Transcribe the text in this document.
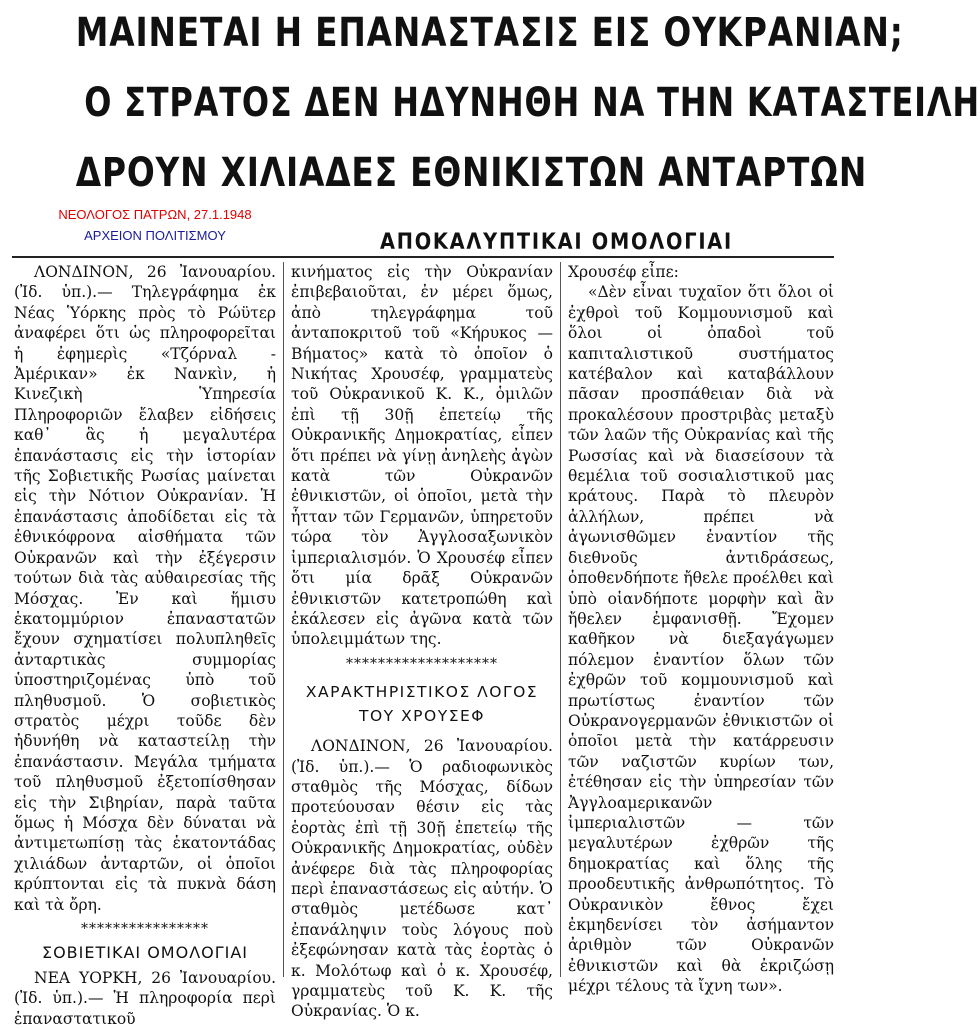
ΜΑΙΝΕΤΑΙ Η ΕΠΑΝΑΣΤΑΣΙΣ ΕΙΣ ΟΥΚΡΑΝΙΑΝ;
Ο ΣΤΡΑΤΟΣ ΔΕΝ ΗΔΥΝΗΘΗ ΝΑ ΤΗΝ ΚΑΤΑΣΤΕΙΛΗ
ΔΡΟΥΝ ΧΙΛΙΑΔΕΣ ΕΘΝΙΚΙΣΤΩΝ ΑΝΤΑΡΤΩΝ
ΝΕΟΛΟΓΟΣ ΠΑΤΡΩΝ, 27.1.1948
ΑΡΧΕΙΟΝ ΠΟΛΙΤΙΣΜΟΥ	ΑΠΟΚΑΛΥΠΤΙΚΑΙ ΟΜΟΛΟΓΙΑΙ

ΛΟΝΔΙΝΟΝ, 26 Ἰανουαρίου. (Ἰδ. ὑπ.).— Τηλεγράφημα ἐκ Νέας Ὑόρκης πρὸς τὸ Ρώϋτερ ἀναφέρει ὅτι ὡς πληροφορεῖται ἡ ἐφημερὶς «Τζόρναλ - Ἀμέρικαν» ἐκ Νανκὶν, ἡ Κινεζικὴ Ὑπηρεσία Πληροφοριῶν ἔλαβεν εἰδήσεις καθ᾿ ἃς ἡ μεγαλυτέρα ἐπανάστασις εἰς τὴν ἱστορίαν τῆς Σοβιετικῆς Ρωσίας μαίνεται εἰς τὴν Νότιον Οὐκρανίαν. Ἡ ἐπανάστασις ἀποδίδεται εἰς τὰ ἐθνικόφρονα αἰσθήματα τῶν Οὐκρανῶν καὶ τὴν ἐξέγερσιν τούτων διὰ τὰς αὐθαιρεσίας τῆς Μόσχας. Ἐν καὶ ἥμισυ ἑκατομμύριον ἐπαναστατῶν ἔχουν σχηματίσει πολυπληθεῖς ἀνταρτικὰς συμμορίας ὑποστηριζομένας ὑπὸ τοῦ πληθυσμοῦ. Ὁ σοβιετικὸς στρατὸς μέχρι τοῦδε δὲν ἠδυνήθη νὰ καταστείλῃ τὴν ἐπανάστασιν. Μεγάλα τμήματα τοῦ πληθυσμοῦ ἐξετοπίσθησαν εἰς τὴν Σιβηρίαν, παρὰ ταῦτα ὅμως ἡ Μόσχα δὲν δύναται νὰ ἀντιμετωπίσῃ τὰς ἑκατοντάδας χιλιάδων ἀνταρτῶν, οἱ ὁποῖοι κρύπτονται εἰς τὰ πυκνὰ δάση καὶ τὰ ὄρη.

****************
ΣΟΒΙΕΤΙΚΑΙ ΟΜΟΛΟΓΙΑΙ

ΝΕΑ ΥΟΡΚΗ, 26 Ἰανουαρίου. (Ἰδ. ὑπ.).— Ἡ πληροφορία περὶ ἐπαναστατικοῦ

κινήματος εἰς τὴν Οὐκρανίαν ἐπιβεβαιοῦται, ἐν μέρει ὅμως, ἀπὸ τηλεγράφημα τοῦ ἀνταποκριτοῦ τοῦ «Κήρυκος —Βήματος» κατὰ τὸ ὁποῖον ὁ Νικήτας Χρουσέφ, γραμματεὺς τοῦ Οὐκρανικοῦ Κ. Κ., ὁμιλῶν ἐπὶ τῇ 30ῇ ἐπετείῳ τῆς Οὐκρανικῆς Δημοκρατίας, εἶπεν ὅτι πρέπει νὰ γίνῃ ἀνηλεὴς ἀγὼν κατὰ τῶν Οὐκρανῶν ἐθνικιστῶν, οἱ ὁποῖοι, μετὰ τὴν ἧτταν τῶν Γερμανῶν, ὑπηρετοῦν τώρα τὸν Ἀγγλοσαξωνικὸν ἰμπεριαλισμόν. Ὁ Χρουσέφ εἶπεν ὅτι μία δρᾶξ Οὐκρανῶν ἐθνικιστῶν κατετροπώθη καὶ ἐκάλεσεν εἰς ἀγῶνα κατὰ τῶν ὑπολειμμάτων της.

*******************
ΧΑΡΑΚΤΗΡΙΣΤΙΚΟΣ ΛΟΓΟΣ ΤΟΥ ΧΡΟΥΣΕΦ

ΛΟΝΔΙΝΟΝ, 26 Ἰανουαρίου. (Ἰδ. ὑπ.).— Ὁ ραδιοφωνικὸς σταθμὸς τῆς Μόσχας, δίδων προτεύουσαν θέσιν εἰς τὰς ἑορτὰς ἐπὶ τῇ 30ῇ ἐπετείῳ τῆς Οὐκρανικῆς Δημοκρατίας, οὐδὲν ἀνέφερε διὰ τὰς πληροφορίας περὶ ἐπαναστάσεως εἰς αὐτήν. Ὁ σταθμὸς μετέδωσε κατ᾿ ἐπανάληψιν τοὺς λόγους ποὺ ἐξεφώνησαν κατὰ τὰς ἑορτὰς ὁ κ. Μολότωφ καὶ ὁ κ. Χρουσέφ, γραμματεὺς τοῦ Κ. Κ. τῆς Οὐκρανίας. Ὁ κ.

Χρουσέφ εἶπε:

«Δὲν εἶναι τυχαῖον ὅτι ὅλοι οἱ ἐχθροὶ τοῦ Κομμουνισμοῦ καὶ ὅλοι οἱ ὀπαδοὶ τοῦ καπιταλιστικοῦ συστήματος κατέβαλον καὶ καταβάλλουν πᾶσαν προσπάθειαν διὰ νὰ προκαλέσουν προστριβὰς μεταξὺ τῶν λαῶν τῆς Οὐκρανίας καὶ τῆς Ρωσσίας καὶ νὰ διασείσουν τὰ θεμέλια τοῦ σοσιαλιστικοῦ μας κράτους. Παρὰ τὸ πλευρὸν ἀλλήλων, πρέπει νὰ ἀγωνισθῶμεν ἐναντίον τῆς διεθνοῦς ἀντιδράσεως, ὁποθενδήποτε ἤθελε προέλθει καὶ ὑπὸ οἱανδήποτε μορφὴν καὶ ἂν ἤθελεν ἐμφανισθῇ. Ἔχομεν καθῆκον νὰ διεξαγάγωμεν πόλεμον ἐναντίον ὅλων τῶν ἐχθρῶν τοῦ κομμουνισμοῦ καὶ πρωτίστως ἐναντίον τῶν Οὐκρανογερμανῶν ἐθνικιστῶν οἱ ὁποῖοι μετὰ τὴν κατάρρευσιν τῶν ναζιστῶν κυρίων των, ἐτέθησαν εἰς τὴν ὑπηρεσίαν τῶν Ἀγγλοαμερικανῶν ἰμπεριαλιστῶν — τῶν μεγαλυτέρων ἐχθρῶν τῆς δημοκρατίας καὶ ὅλης τῆς προοδευτικῆς ἀνθρωπότητος. Τὸ Οὐκρανικὸν ἔθνος ἔχει ἐκμηδενίσει τὸν ἀσήμαντον ἀριθμὸν τῶν Οὐκρανῶν ἐθνικιστῶν καὶ θὰ ἐκριζώσῃ μέχρι τέλους τὰ ἴχνη των».
